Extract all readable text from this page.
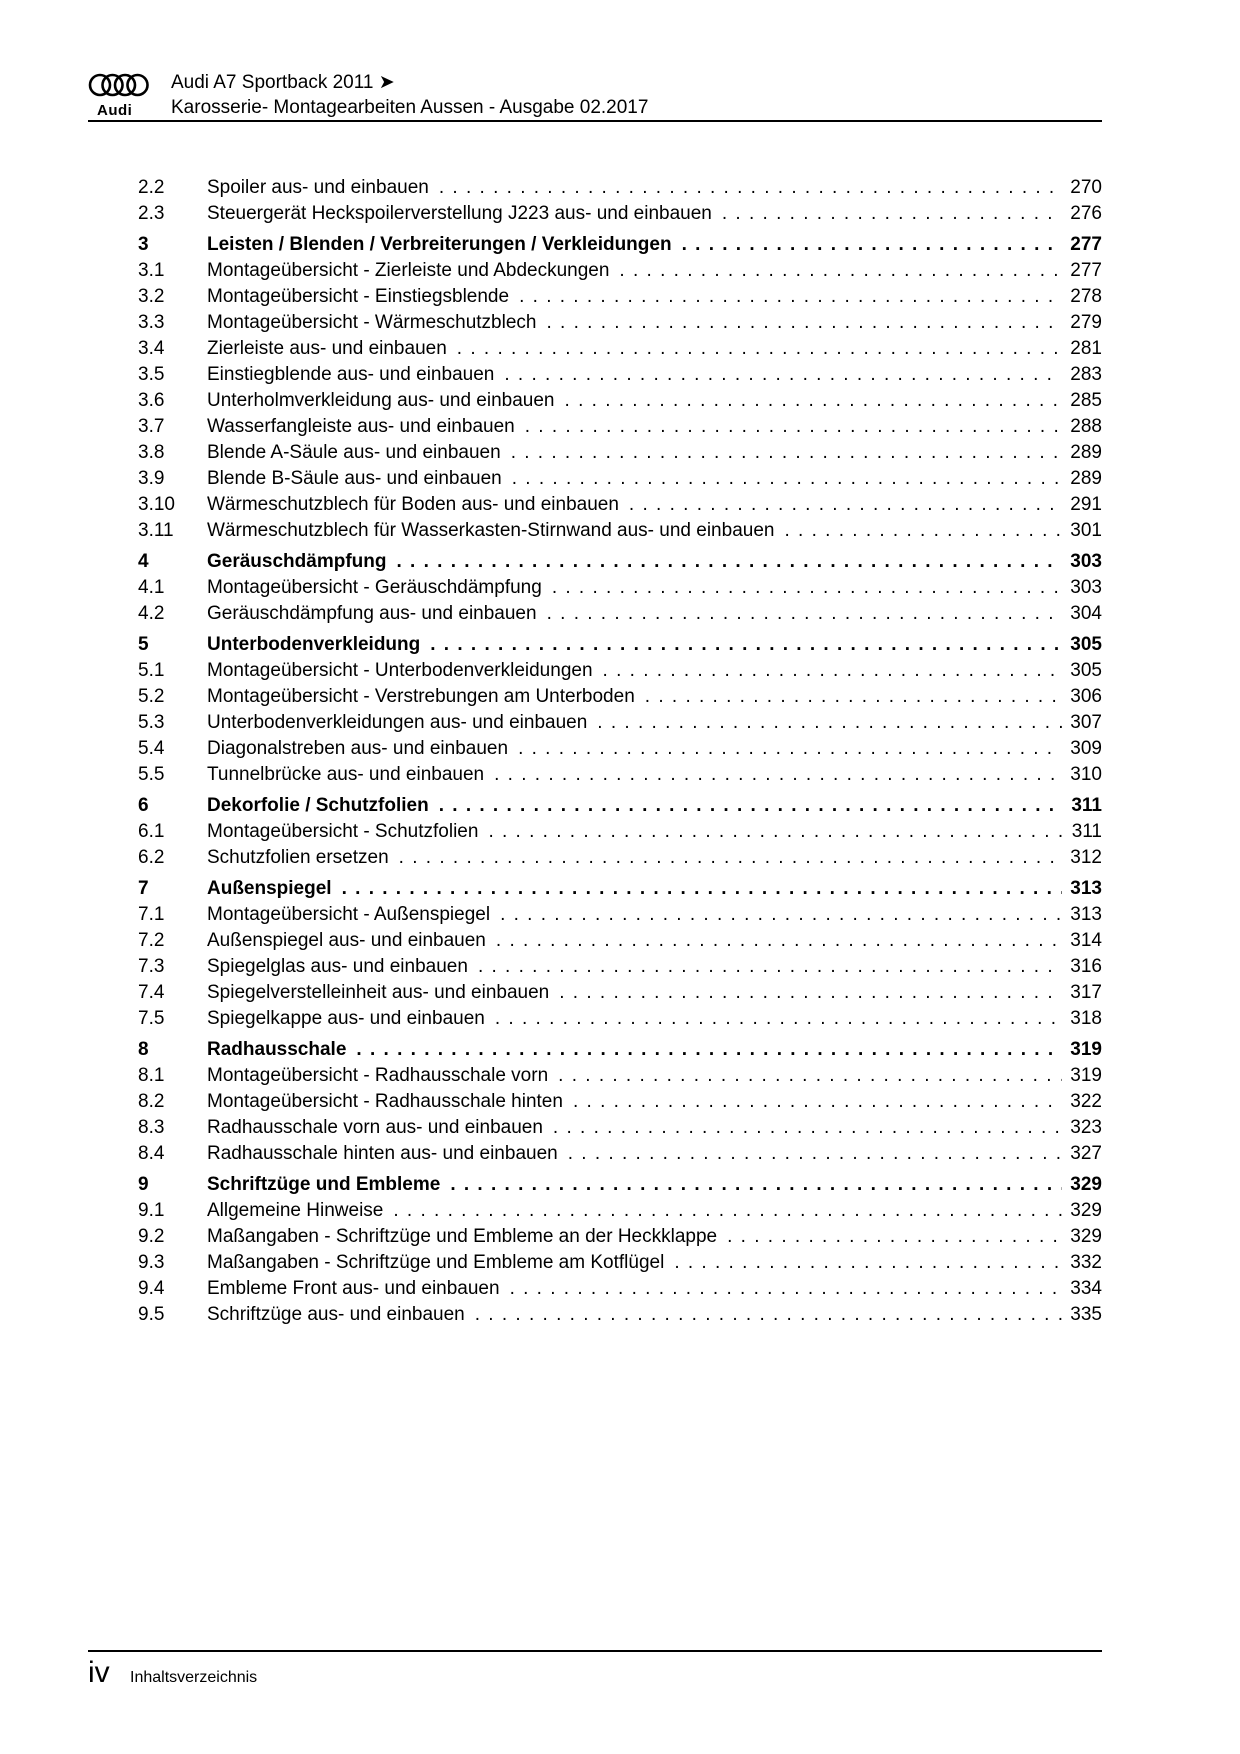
Audi
Audi A7 Sportback 2011 ➤
Karosserie- Montagearbeiten Aussen - Ausgabe 02.2017
2.2	Spoiler aus- und einbauen . . .	270
2.3	Steuergerät Heckspoilerverstellung J223 aus- und einbauen . . .	276
3	Leisten / Blenden / Verbreiterungen / Verkleidungen . . .	277
3.1	Montageübersicht - Zierleiste und Abdeckungen . . .	277
3.2	Montageübersicht - Einstiegsblende . . .	278
3.3	Montageübersicht - Wärmeschutzblech . . .	279
3.4	Zierleiste aus- und einbauen . . .	281
3.5	Einstiegblende aus- und einbauen . . .	283
3.6	Unterholmverkleidung aus- und einbauen . . .	285
3.7	Wasserfangleiste aus- und einbauen . . .	288
3.8	Blende A-Säule aus- und einbauen . . .	289
3.9	Blende B-Säule aus- und einbauen . . .	289
3.10	Wärmeschutzblech für Boden aus- und einbauen . . .	291
3.11	Wärmeschutzblech für Wasserkasten-Stirnwand aus- und einbauen . . .	301
4	Geräuschdämpfung . . .	303
4.1	Montageübersicht - Geräuschdämpfung . . .	303
4.2	Geräuschdämpfung aus- und einbauen . . .	304
5	Unterbodenverkleidung . . .	305
5.1	Montageübersicht - Unterbodenverkleidungen . . .	305
5.2	Montageübersicht - Verstrebungen am Unterboden . . .	306
5.3	Unterbodenverkleidungen aus- und einbauen . . .	307
5.4	Diagonalstreben aus- und einbauen . . .	309
5.5	Tunnelbrücke aus- und einbauen . . .	310
6	Dekorfolie / Schutzfolien . . .	311
6.1	Montageübersicht - Schutzfolien . . .	311
6.2	Schutzfolien ersetzen . . .	312
7	Außenspiegel . . .	313
7.1	Montageübersicht - Außenspiegel . . .	313
7.2	Außenspiegel aus- und einbauen . . .	314
7.3	Spiegelglas aus- und einbauen . . .	316
7.4	Spiegelverstelleinheit aus- und einbauen . . .	317
7.5	Spiegelkappe aus- und einbauen . . .	318
8	Radhausschale . . .	319
8.1	Montageübersicht - Radhausschale vorn . . .	319
8.2	Montageübersicht - Radhausschale hinten . . .	322
8.3	Radhausschale vorn aus- und einbauen . . .	323
8.4	Radhausschale hinten aus- und einbauen . . .	327
9	Schriftzüge und Embleme . . .	329
9.1	Allgemeine Hinweise . . .	329
9.2	Maßangaben - Schriftzüge und Embleme an der Heckklappe . . .	329
9.3	Maßangaben - Schriftzüge und Embleme am Kotflügel . . .	332
9.4	Embleme Front aus- und einbauen . . .	334
9.5	Schriftzüge aus- und einbauen . . .	335
iv Inhaltsverzeichnis
